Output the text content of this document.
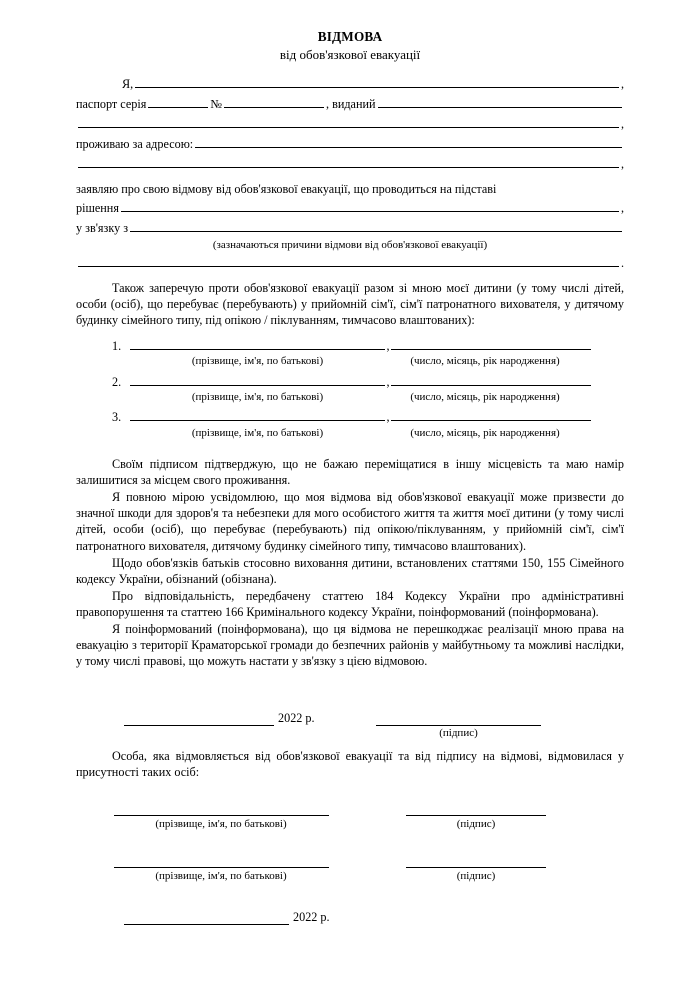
ВІДМОВА
від обов'язкової евакуації
Я,	,
паспорт серія	№	, виданий
,
проживаю за адресою:
,

заявляю про свою відмову від обов'язкової евакуації, що проводиться на підставі

рішення	,
у зв'язку з
(зазначаються причини відмови від обов'язкової евакуації)
.

Також заперечую проти обов'язкової евакуації разом зі мною моєї дитини (у тому числі дітей, особи (осіб), що перебуває (перебувають) у прийомній сім'ї, сім'ї патронатного вихователя, у дитячому будинку сімейного типу, під опікою / піклуванням, тимчасово влаштованих):

1.	,
(прізвище, ім'я, по батькові)	(число, місяць, рік народження)
2.	,
(прізвище, ім'я, по батькові)	(число, місяць, рік народження)
3.	,
(прізвище, ім'я, по батькові)	(число, місяць, рік народження)

Своїм підписом підтверджую, що не бажаю переміщатися в іншу місцевість та маю намір залишитися за місцем свого проживання.

Я повною мірою усвідомлюю, що моя відмова від обов'язкової евакуації може призвести до значної шкоди для здоров'я та небезпеки для мого особистого життя та життя моєї дитини (у тому числі дітей, особи (осіб), що перебуває (перебувають) під опікою/піклуванням, у прийомній сім'ї, сім'ї патронатного вихователя, дитячому будинку сімейного типу, тимчасово влаштованих).

Щодо обов'язків батьків стосовно виховання дитини, встановлених статтями 150, 155 Сімейного кодексу України, обізнаний (обізнана).

Про відповідальність, передбачену статтею 184 Кодексу України про адміністративні правопорушення та статтею 166 Кримінального кодексу України, поінформований (поінформована).

Я поінформований (поінформована), що ця відмова не перешкоджає реалізації мною права на евакуацію з території Краматорської громади до безпечних районів у майбутньому та можливі наслідки, у тому числі правові, що можуть настати у зв'язку з цією відмовою.

2022 р.
(підпис)

Особа, яка відмовляється від обов'язкової евакуації та від підпису на відмові, відмовилася у присутності таких осіб:

(прізвище, ім'я, по батькові)	(підпис)
(прізвище, ім'я, по батькові)	(підпис)
2022 р.
